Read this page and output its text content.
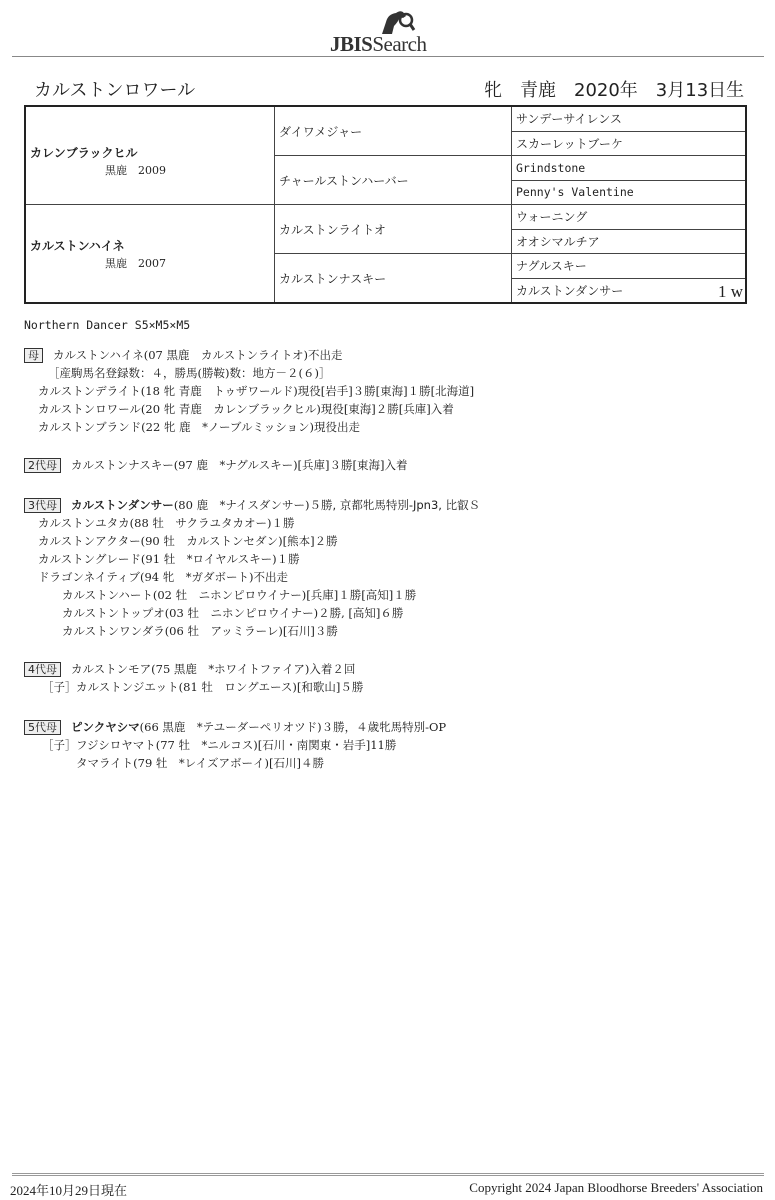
JBISSearch
カルストンロワール	牝　青鹿　2020年　3月13日生
カレンブラックヒル
黒鹿　2009	ダイワメジャー	サンデーサイレンス
		スカーレットブーケ
	チャールストンハーバー	Grindstone
		Penny's Valentine

カルストンハイネ
黒鹿　2007	カルストンライトオ	ウォーニング
		オオシマルチア
	カルストンナスキー	ナグルスキー
		カルストンダンサー 1 w
Northern Dancer S5×M5×M5
母 カルストンハイネ(07 黒鹿　カルストンライトオ)不出走
［産駒馬名登録数：４，勝馬(勝鞍)数：地方－２(６)］
カルストンデライト(18 牝 青鹿　トゥザワールド)現役[岩手]３勝[東海]１勝[北海道]
カルストンロワール(20 牝 青鹿　カレンブラックヒル)現役[東海]２勝[兵庫]入着
カルストンブランド(22 牝 鹿　*ノーブルミッション)現役出走
2代母 カルストンナスキー(97 鹿　*ナグルスキー)[兵庫]３勝[東海]入着
3代母 カルストンダンサー(80 鹿　*ナイスダンサー)５勝, 京都牝馬特別-Jpn3, 比叡Ｓ
カルストンユタカ(88 牡　サクラユタカオー)１勝
カルストンアクター(90 牡　カルストンセダン)[熊本]２勝
カルストングレード(91 牡　*ロイヤルスキー)１勝
ドラゴンネイティブ(94 牝　*ガダボート)不出走
カルストンハート(02 牡　ニホンピロウイナー)[兵庫]１勝[高知]１勝
カルストントップオ(03 牡　ニホンピロウイナー)２勝, [高知]６勝
カルストンワンダラ(06 牡　アッミラーレ)[石川]３勝
4代母 カルストンモア(75 黒鹿　*ホワイトファイア)入着２回
［子］カルストンジエット(81 牡　ロングエース)[和歌山]５勝
5代母 ピンクヤシマ(66 黒鹿　*テユーダーペリオツド)３勝，４歳牝馬特別-OP
［子］フジシロヤマト(77 牡　*ニルコス)[石川・南関東・岩手]11勝
タマライト(79 牡　*レイズアボーイ)[石川]４勝
2024年10月29日現在	Copyright 2024 Japan Bloodhorse Breeders' Association
